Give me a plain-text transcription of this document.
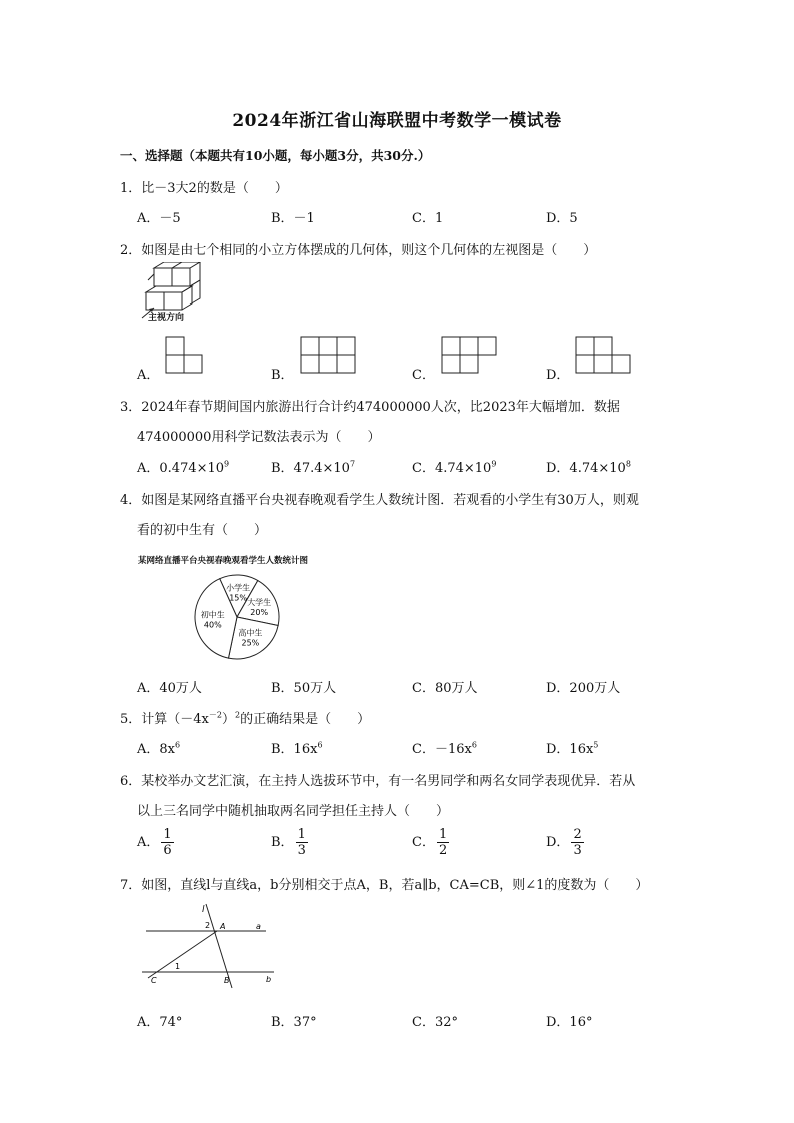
2024年浙江省山海联盟中考数学一模试卷
一、选择题（本题共有10小题，每小题3分，共30分.）
1．比－3大2的数是（　　）
A．－5	B．－1	C．1	D．5
2．如图是由七个相同的小立方体摆成的几何体，则这个几何体的左视图是（　　）
主视方向
A．	B．	C．	D．
3．2024年春节期间国内旅游出行合计约474000000人次，比2023年大幅增加．数据
474000000用科学记数法表示为（　　）
A．$0.474\times 10^9$	B．$47.4\times 10^7$	C．$4.74\times 10^9$	D．$4.74\times 10^8$
4．如图是某网络直播平台央视春晚观看学生人数统计图．若观看的小学生有30万人，则观
看的初中生有（　　）
某网络直播平台央视春晚观看学生人数统计图
小学生
15% 大学生
20%
高中生
25%
初中生
40%
A．40万人	B．50万人	C．80万人	D．200万人
5．计算$(-4x^{-2})^2$的正确结果是（　　）
A．$8x^6$	B．$16x^6$	C．$-16x^6$	D．$16x^5$
6．某校举办文艺汇演，在主持人选拔环节中，有一名男同学和两名女同学表现优异．若从
以上三名同学中随机抽取两名同学担任主持人（　　）
A． $\frac{1}{6}$	B． $\frac{1}{3}$	C． $\frac{1}{2}$	D． $\frac{2}{3}$
7．如图，直线l与直线a，b分别相交于点A，B，若a∥b，CA=CB，则∠1的度数为（　　）
l
2 A	a
1
C	B	b
A．74°	B．37°	C．32°	D．16°
